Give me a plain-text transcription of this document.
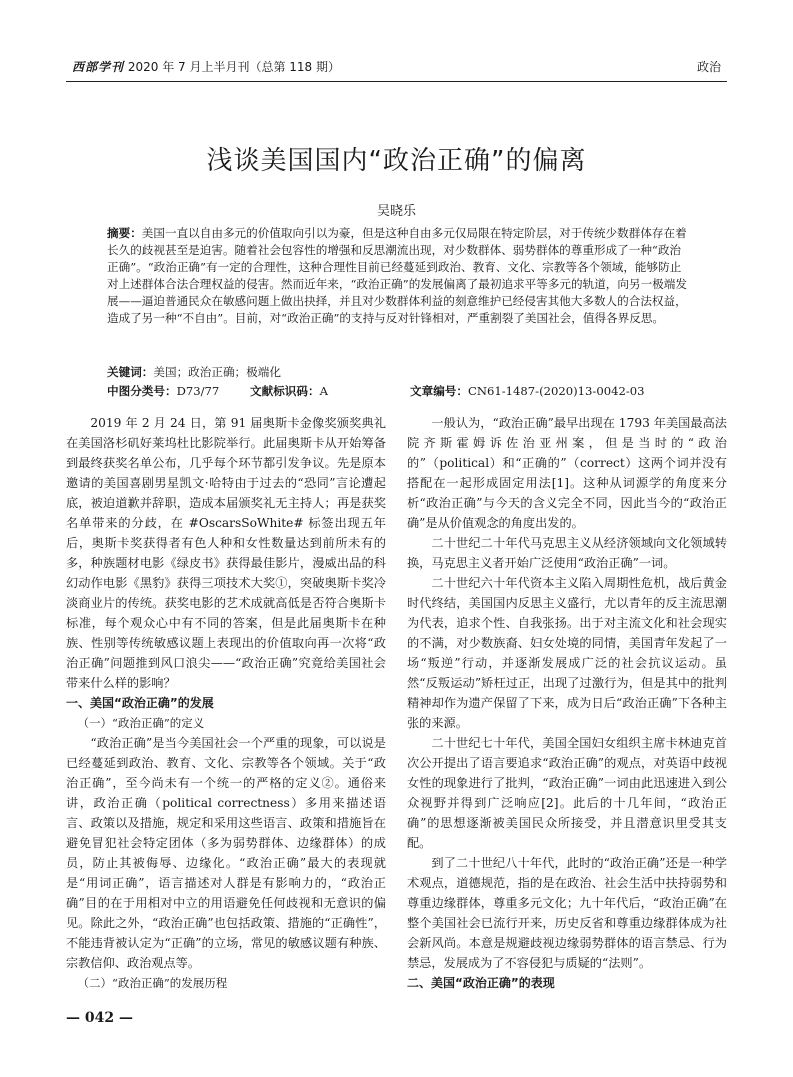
西部学刊 2020 年 7 月上半月刊（总第 118 期）	政治
浅谈美国国内“政治正确”的偏离
吴晓乐
摘要：美国一直以自由多元的价值取向引以为豪，但是这种自由多元仅局限在特定阶层，对于传统少数群体存在着长久的歧视甚至是迫害。随着社会包容性的增强和反思潮流出现，对少数群体、弱势群体的尊重形成了一种“政治正确”。“政治正确”有一定的合理性，这种合理性目前已经蔓延到政治、教育、文化、宗教等各个领域，能够防止对上述群体合法合理权益的侵害。然而近年来，“政治正确”的发展偏离了最初追求平等多元的轨道，向另一极端发展——逼迫普通民众在敏感问题上做出抉择，并且对少数群体利益的刻意维护已经侵害其他大多数人的合法权益，造成了另一种“不自由”。目前，对“政治正确”的支持与反对针锋相对，严重割裂了美国社会，值得各界反思。
关键词：美国；政治正确；极端化
中图分类号：D73/77	文献标识码：A	文章编号：CN61-1487-(2020)13-0042-03

2019 年 2 月 24 日，第 91 届奥斯卡金像奖颁奖典礼在美国洛杉矶好莱坞杜比影院举行。此届奥斯卡从开始筹备到最终获奖名单公布，几乎每个环节都引发争议。先是原本邀请的美国喜剧男星凯文·哈特由于过去的“恐同”言论遭起底，被迫道歉并辞职，造成本届颁奖礼无主持人；再是获奖名单带来的分歧，在 #OscarsSoWhite# 标签出现五年后，奥斯卡奖获得者有色人种和女性数量达到前所未有的多，种族题材电影《绿皮书》获得最佳影片，漫威出品的科幻动作电影《黑豹》获得三项技术大奖①，突破奥斯卡奖冷淡商业片的传统。获奖电影的艺术成就高低是否符合奥斯卡标准，每个观众心中有不同的答案，但是此届奥斯卡在种族、性别等传统敏感议题上表现出的价值取向再一次将“政治正确”问题推到风口浪尖——“政治正确”究竟给美国社会带来什么样的影响？

一、美国“政治正确”的发展

（一）“政治正确”的定义

“政治正确”是当今美国社会一个严重的现象，可以说是已经蔓延到政治、教育、文化、宗教等各个领域。关于“政治正确”，至今尚未有一个统一的严格的定义②。通俗来讲，政治正确（political correctness）多用来描述语言、政策以及措施，规定和采用这些语言、政策和措施旨在避免冒犯社会特定团体（多为弱势群体、边缘群体）的成员，防止其被侮辱、边缘化。“政治正确”最大的表现就是“用词正确”，语言描述对人群是有影响力的，“政治正确”目的在于用相对中立的用语避免任何歧视和无意识的偏见。除此之外，“政治正确”也包括政策、措施的“正确性”，不能违背被认定为“正确”的立场，常见的敏感议题有种族、宗教信仰、政治观点等。

（二）“政治正确”的发展历程

一般认为，“政治正确”最早出现在 1793 年美国最高法院齐斯霍姆诉佐治亚州案，但是当时的“政治的”（political）和“正确的”（correct）这两个词并没有搭配在一起形成固定用法[1]。这种从词源学的角度来分析“政治正确”与今天的含义完全不同，因此当今的“政治正确”是从价值观念的角度出发的。

二十世纪二十年代马克思主义从经济领域向文化领域转换，马克思主义者开始广泛使用“政治正确”一词。

二十世纪六十年代资本主义陷入周期性危机，战后黄金时代终结，美国国内反思主义盛行，尤以青年的反主流思潮为代表，追求个性、自我张扬。出于对主流文化和社会现实的不满，对少数族裔、妇女处境的同情，美国青年发起了一场“叛逆”行动，并逐渐发展成广泛的社会抗议运动。虽然“反叛运动”矫枉过正，出现了过激行为，但是其中的批判精神却作为遗产保留了下来，成为日后“政治正确”下各种主张的来源。

二十世纪七十年代，美国全国妇女组织主席卡林迪克首次公开提出了语言要追求“政治正确”的观点，对英语中歧视女性的现象进行了批判，“政治正确”一词由此迅速进入到公众视野并得到广泛响应[2]。此后的十几年间，“政治正确”的思想逐渐被美国民众所接受，并且潜意识里受其支配。

到了二十世纪八十年代，此时的“政治正确”还是一种学术观点，道德规范，指的是在政治、社会生活中扶持弱势和尊重边缘群体，尊重多元文化；九十年代后，“政治正确”在整个美国社会已流行开来，历史反省和尊重边缘群体成为社会新风尚。本意是规避歧视边缘弱势群体的语言禁忌、行为禁忌，发展成为了不容侵犯与质疑的“法则”。

二、美国“政治正确”的表现

— 042 —
